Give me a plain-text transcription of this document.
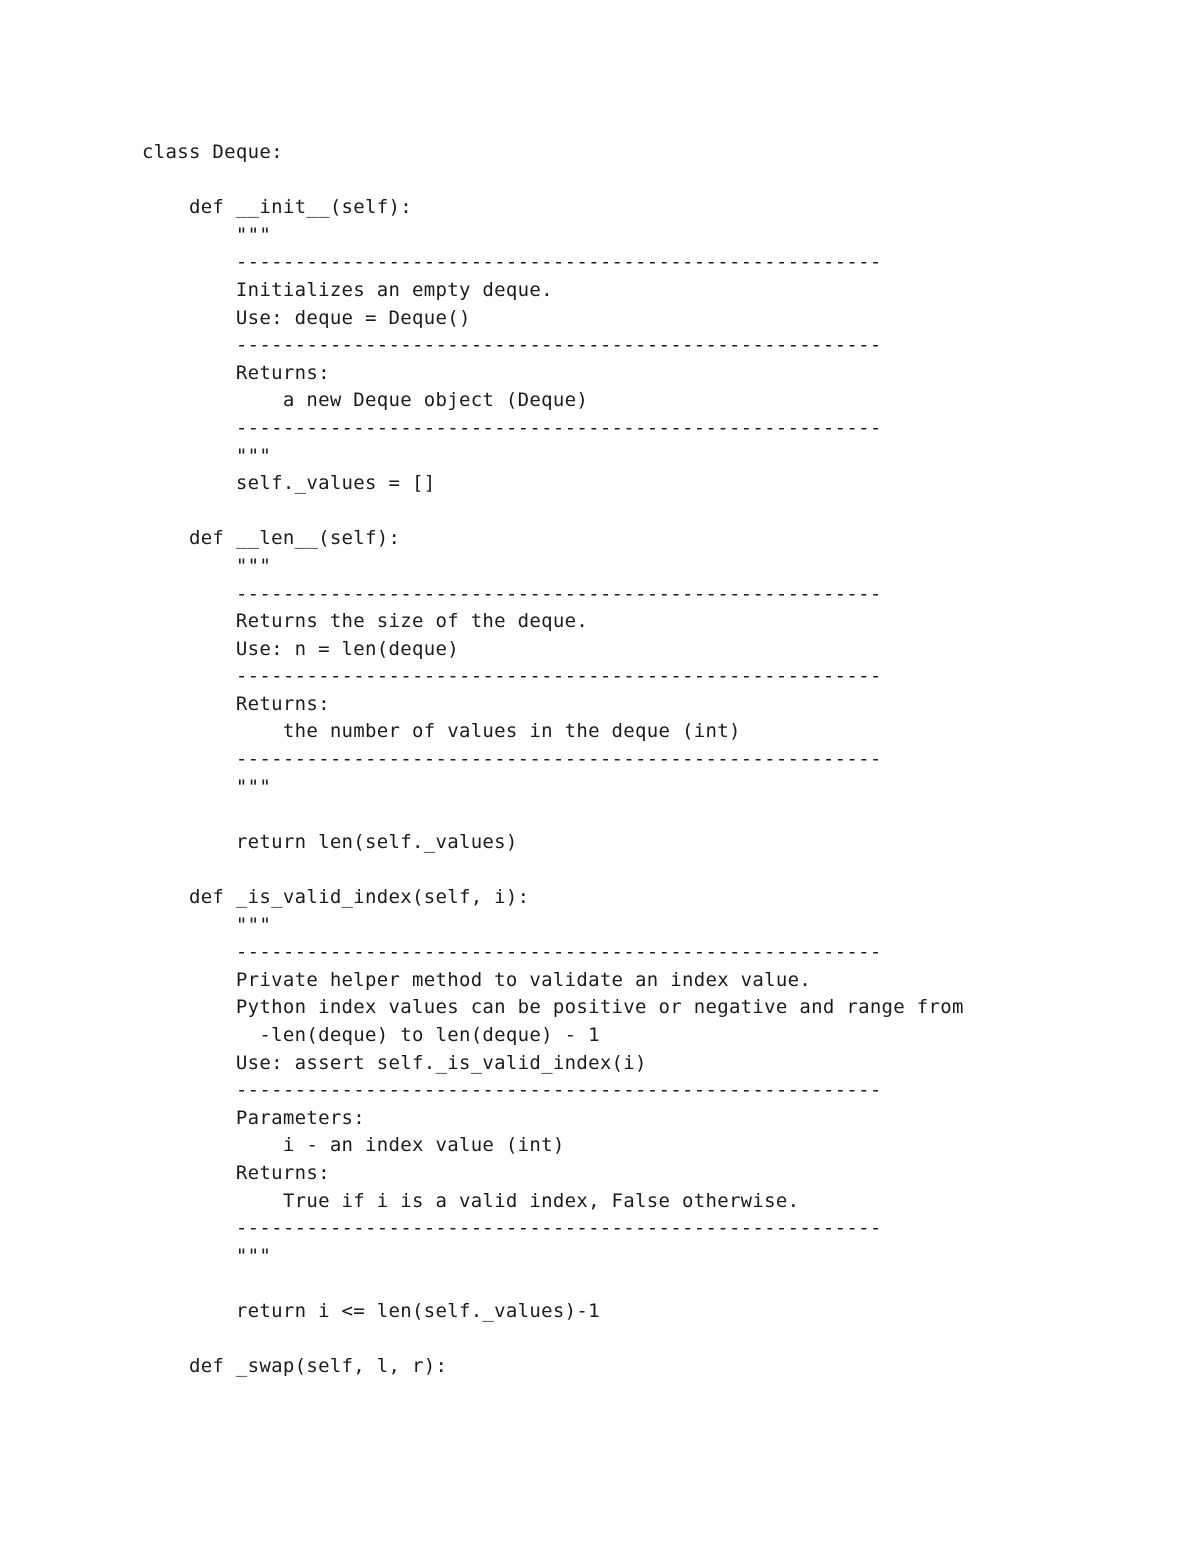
class Deque:
def __init__(self):
"""
-------------------------------------------------------
Initializes an empty deque.
Use: deque = Deque()
-------------------------------------------------------
Returns:
a new Deque object (Deque)
-------------------------------------------------------
"""
self._values = []
def __len__(self):
"""
-------------------------------------------------------
Returns the size of the deque.
Use: n = len(deque)
-------------------------------------------------------
Returns:
the number of values in the deque (int)
-------------------------------------------------------
"""
return len(self._values)
def _is_valid_index(self, i):
"""
-------------------------------------------------------
Private helper method to validate an index value.
Python index values can be positive or negative and range from
-len(deque) to len(deque) - 1
Use: assert self._is_valid_index(i)
-------------------------------------------------------
Parameters:
i - an index value (int)
Returns:
True if i is a valid index, False otherwise.
-------------------------------------------------------
"""
return i <= len(self._values)-1
def _swap(self, l, r):
